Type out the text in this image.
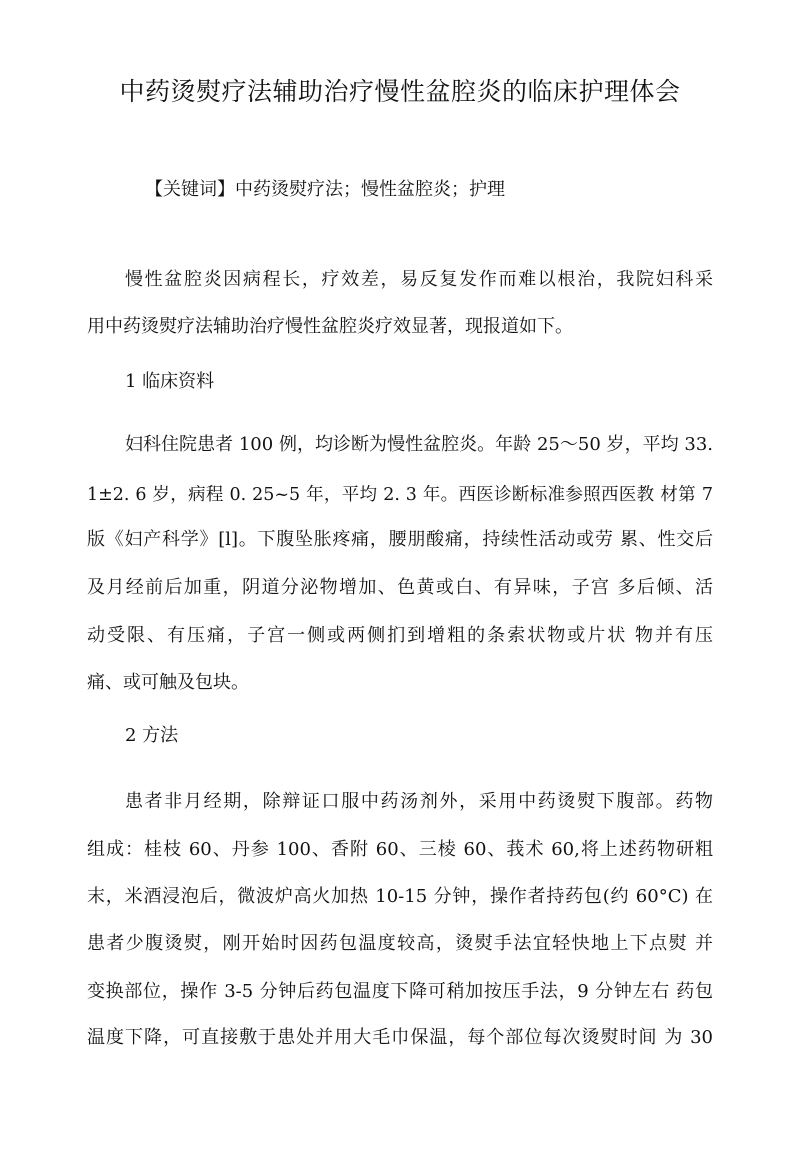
中药烫熨疗法辅助治疗慢性盆腔炎的临床护理体会
【关键词】中药烫熨疗法；慢性盆腔炎；护理
慢性盆腔炎因病程长，疗效差，易反复发作而难以根治，我院妇科采
用中药烫熨疗法辅助治疗慢性盆腔炎疗效显著，现报道如下。
1 临床资料
妇科住院患者 100 例，均诊断为慢性盆腔炎。年龄 25〜50 岁，平均 33.
1±2. 6 岁，病程 0. 25~5 年，平均 2. 3 年。西医诊断标准参照西医教 材第 7
版《妇产科学》[l]。下腹坠胀疼痛，腰朋酸痛，持续性活动或劳 累、性交后
及月经前后加重，阴道分泌物增加、色黄或白、有异味，子宫 多后倾、活
动受限、有压痛，子宫一侧或两侧扪到增粗的条索状物或片状 物并有压
痛、或可触及包块。
2 方法
患者非月经期，除辩证口服中药汤剂外，采用中药烫熨下腹部。药物
组成：桂枝 60、丹参 100、香附 60、三棱 60、莪术 60,将上述药物研粗
末，米酒浸泡后，微波炉高火加热 10-15 分钟，操作者持药包(约 60°C) 在
患者少腹烫熨，刚开始时因药包温度较高，烫熨手法宜轻快地上下点熨 并
变换部位，操作 3-5 分钟后药包温度下降可稍加按压手法，9 分钟左右 药包
温度下降，可直接敷于患处并用大毛巾保温，每个部位每次烫熨时间 为 30
